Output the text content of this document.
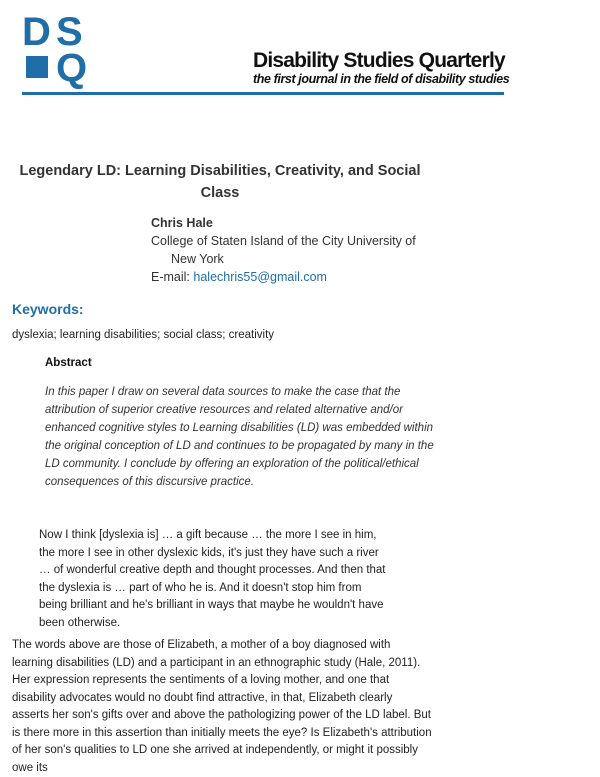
D S
Q	Disability Studies Quarterly
the first journal in the field of disability studies
Legendary LD: Learning Disabilities, Creativity, and Social Class
Chris Hale
College of Staten Island of the City University of
New York
E-mail: halechris55@gmail.com
Keywords:
dyslexia; learning disabilities; social class; creativity
Abstract

In this paper I draw on several data sources to make the case that the attribution of superior creative resources and related alternative and/or enhanced cognitive styles to Learning disabilities (LD) was embedded within the original conception of LD and continues to be propagated by many in the LD community. I conclude by offering an exploration of the political/ethical consequences of this discursive practice.

Now I think [dyslexia is] … a gift because … the more I see in him, the more I see in other dyslexic kids, it's just they have such a river … of wonderful creative depth and thought processes. And then that the dyslexia is … part of who he is. And it doesn't stop him from being brilliant and he's brilliant in ways that maybe he wouldn't have been otherwise.

The words above are those of Elizabeth, a mother of a boy diagnosed with learning disabilities (LD) and a participant in an ethnographic study (Hale, 2011). Her expression represents the sentiments of a loving mother, and one that disability advocates would no doubt find attractive, in that, Elizabeth clearly asserts her son's gifts over and above the pathologizing power of the LD label. But is there more in this assertion than initially meets the eye? Is Elizabeth's attribution of her son's qualities to LD one she arrived at independently, or might it possibly owe its
